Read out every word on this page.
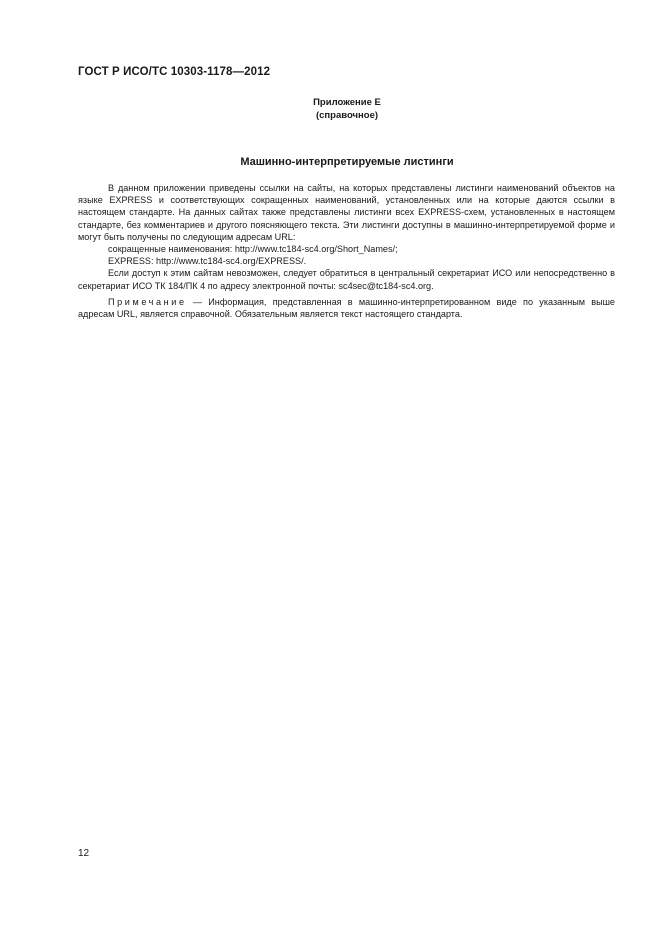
ГОСТ Р ИСО/ТС 10303-1178—2012
Приложение Е
(справочное)
Машинно-интерпретируемые листинги

В данном приложении приведены ссылки на сайты, на которых представлены листинги наименований объектов на языке EXPRESS и соответствующих сокращенных наименований, установленных или на которые даются ссылки в настоящем стандарте. На данных сайтах также представлены листинги всех EXPRESS-схем, установленных в настоящем стандарте, без комментариев и другого поясняющего текста. Эти листинги доступны в машинно-интерпретируемой форме и могут быть получены по следующим адресам URL:

сокращенные наименования: http://www.tc184-sc4.org/Short_Names/;
EXPRESS: http://www.tc184-sc4.org/EXPRESS/.

Если доступ к этим сайтам невозможен, следует обратиться в центральный секретариат ИСО или непосредственно в секретариат ИСО ТК 184/ПК 4 по адресу электронной почты: sc4sec@tc184-sc4.org.

Примечание — Информация, представленная в машинно-интерпретированном виде по указанным выше адресам URL, является справочной. Обязательным является текст настоящего стандарта.

12
